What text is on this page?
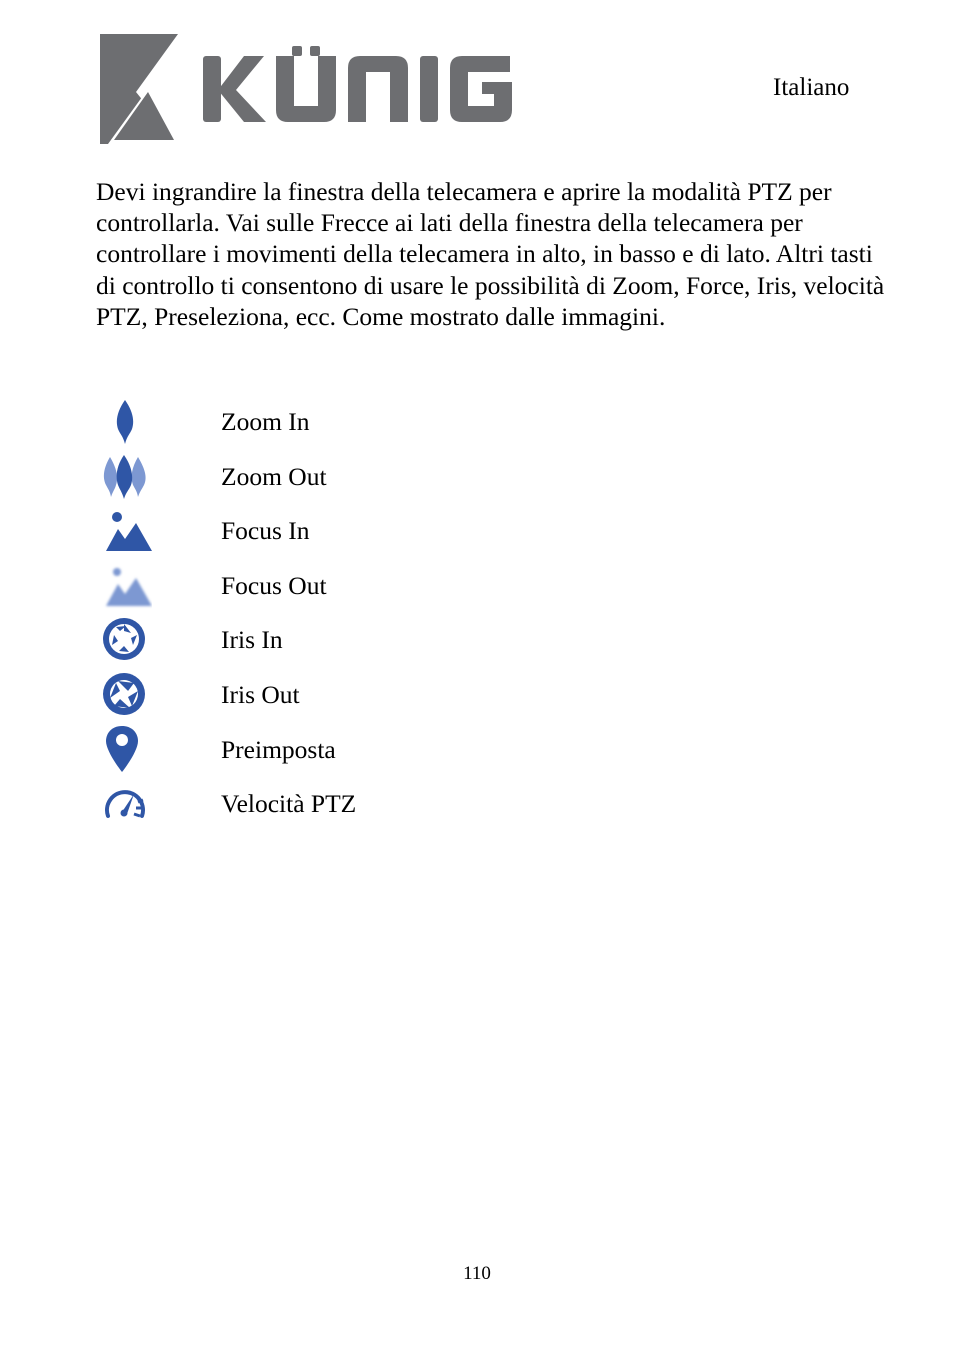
Italiano

Devi ingrandire la finestra della telecamera e aprire la modalità PTZ per controllarla. Vai sulle Frecce ai lati della finestra della telecamera per controllare i movimenti della telecamera in alto, in basso e di lato. Altri tasti di controllo ti consentono di usare le possibilità di Zoom, Force, Iris, velocità PTZ, Preseleziona, ecc. Come mostrato dalle immagini.

Zoom In
Zoom Out
Focus In
Focus Out
Iris In
Iris Out
Preimposta
Velocità PTZ
110
